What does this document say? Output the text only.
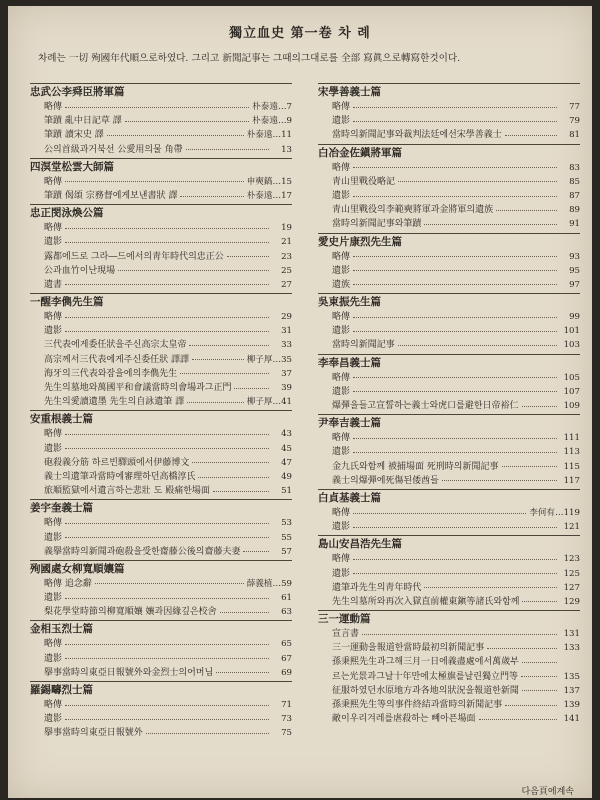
獨立血史 第一卷 차 례
차례는 一切 殉國年代順으로하였다. 그리고 新聞記事는 그때의그대로를 全部 寫眞으로轉寫한것이다.
忠武公李舜臣將軍篇
略傳	朴泰遠…7
筆蹟 亂中日記草 譯	朴泰遠…9
筆蹟 讀宋史 譯	朴泰遠…11
公의首級과거북선 公愛用의물 角帶	13
四溟堂松雲大師篇
略傳	申奭鎬…15
筆蹟 偈頌 宗務督에게보낸書狀 譯	朴泰遠…17
忠正閔泳煥公篇
略傳	19
遺影	21
露都에드로 그라―드에서의靑年時代의忠正公	23
公과血竹이난現場	25
遺書	27
一醒李儁先生篇
略傳	29
遺影	31
三代表에게委任狀을주신高宗太皇帝	33
高宗께서三代表에게주신委任狀 譯譯	柳子厚…35
海牙의三代表와잠을에의李儁先生	37
先生의墓地와萬國平和會議當時의會場과그正門	39
先生의愛讀遺墨 先生의自詠遺筆 譯	柳子厚…41
安重根義士篇
略傳	43
遺影	45
砲殺義分筋 하르빈驛頭에서伊藤博文	47
義士의遺筆과當時에審理하던高橋淳氏	49
旅順監獄에서遺言하는悲壯 도 殿痛한場面	51
姜宇奎義士篇
略傳	53
遺影	55
義擧當時의新聞과砲殺을受한齋藤公後의齋藤夫妻	57
殉國處女柳寬順孃篇
略傳 追念辭	薛義植…59
遺影	61
梨花學堂時節의柳寬順孃 孃과因緣깊은校舍	63
金相玉烈士篇
略傳	65
遺影	67
擧事當時의東亞日報號外와金烈士의어머님	69
羅錫疇烈士篇
略傳	71
遺影	73
擧事當時의東亞日報號外	75
宋學善義士篇
略傳	77
遺影	79
當時의新聞記事와裁判法廷에선宋學善義士	81
白冶金佐鎭將軍篇
略傳	83
靑山里戰役略記	85
遺影	87
靑山里戰役의李範奭將軍과金將軍의遺族	89
當時의新聞記事와筆蹟	91
愛史片康烈先生篇
略傳	93
遺影	95
遺族	97
吳東振先生篇
略傳	99
遺影	101
當時의新聞記事	103
李奉昌義士篇
略傳	105
遺影	107
爆彈을들고宣誓하는義士와虎口를避한日帝裕仁	109
尹奉吉義士篇
略傳	111
遺影	113
金九氏와함께 被捕場面 死刑時의新聞記事	115
義士의爆彈에死傷된倭酋들	117
白貞基義士篇
略傳	李何有…119
遺影	121
島山安昌浩先生篇
略傳	123
遺影	125
遺筆과先生의靑年時代	127
先生의墓所와再次入獄直前權東鎭等諸氏와함께	129
三一運動篇
宣言書	131
三一運動을報道한當時最初의新聞記事	133
孫秉熙先生과그해三月一日에義盡處에서萬歲부
르는光景과그날十年만에太極旗를날린獨立門等	135
征服하였던水原地方과各地의狀況을報道한新聞	137
孫秉熙先生等의事件終結과當時의新聞記事	139
敵이우리겨레를虐殺하는 빼아픈場面	141
다음頁에계속
